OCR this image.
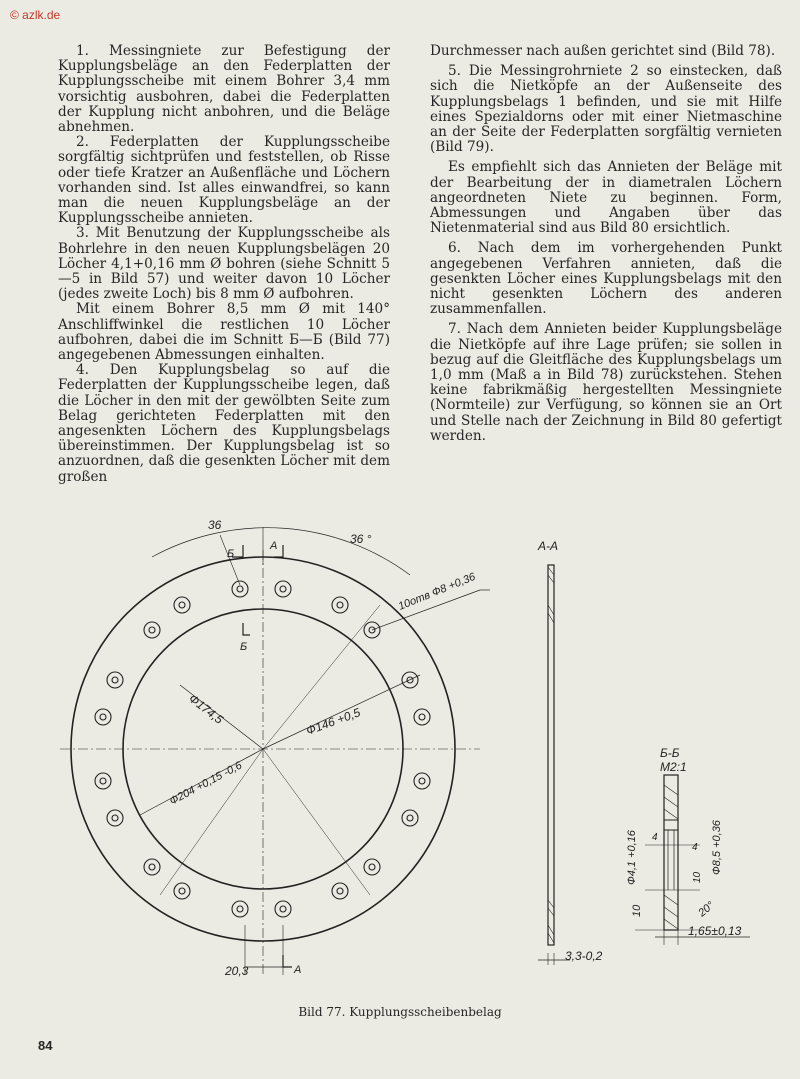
© azlk.de

1. Messingniete zur Befestigung der Kupplungsbeläge an den Federplatten der Kupplungsscheibe mit einem Bohrer 3,4 mm vorsichtig ausbohren, dabei die Federplatten der Kupplung nicht anbohren, und die Beläge abnehmen.

2. Federplatten der Kupplungsscheibe sorgfältig sichtprüfen und feststellen, ob Risse oder tiefe Kratzer an Außenfläche und Löchern vorhanden sind. Ist alles einwandfrei, so kann man die neuen Kupplungsbeläge an der Kupplungsscheibe annieten.

3. Mit Benutzung der Kupplungsscheibe als Bohrlehre in den neuen Kupplungsbelägen 20 Löcher 4,1+0,16 mm Ø bohren (siehe Schnitt 5—5 in Bild 57) und weiter davon 10 Löcher (jedes zweite Loch) bis 8 mm Ø aufbohren.

Mit einem Bohrer 8,5 mm Ø mit 140° Anschliffwinkel die restlichen 10 Löcher aufbohren, dabei die im Schnitt Б—Б (Bild 77) angegebenen Abmessungen einhalten.

4. Den Kupplungsbelag so auf die Federplatten der Kupplungsscheibe legen, daß die Löcher in den mit der gewölbten Seite zum Belag gerichteten Federplatten mit den angesenkten Löchern des Kupplungsbelags übereinstimmen. Der Kupplungsbelag ist so anzuordnen, daß die gesenkten Löcher mit dem großen

Durchmesser nach außen gerichtet sind (Bild 78).

5. Die Messingrohrniete 2 so einstecken, daß sich die Nietköpfe an der Außenseite des Kupplungsbelags 1 befinden, und sie mit Hilfe eines Spezialdorns oder mit einer Nietmaschine an der Seite der Federplatten sorgfältig vernieten (Bild 79).

Es empfiehlt sich das Annieten der Beläge mit der Bearbeitung der in diametralen Löchern angeordneten Niete zu beginnen. Form, Abmessungen und Angaben über das Nietenmaterial sind aus Bild 80 ersichtlich.

6. Nach dem im vorhergehenden Punkt angegebenen Verfahren annieten, daß die gesenkten Löcher eines Kupplungsbelags mit den nicht gesenkten Löchern des anderen zusammenfallen.

7. Nach dem Annieten beider Kupplungsbeläge die Nietköpfe auf ihre Lage prüfen; sie sollen in bezug auf die Gleitfläche des Kupplungsbelags um 1,0 mm (Maß a in Bild 78) zurückstehen. Stehen keine fabrikmäßig hergestellten Messingniete (Normteile) zur Verfügung, so können sie an Ort und Stelle nach der Zeichnung in Bild 80 gefertigt werden.

36
36 °
10отв Ф8 +0,36
Ф174,5	Ф146 +0,5
Ф204 +0,15 -0,6
Б
A
Б
20,3	A
A-A
3,3-0,2
Б-Б
M2:1
Ф4,1 +0,16	Ф8,5 +0,36
10
10
20°
4
4
1,65±0,13
Bild 77. Kupplungsscheibenbelag
84
